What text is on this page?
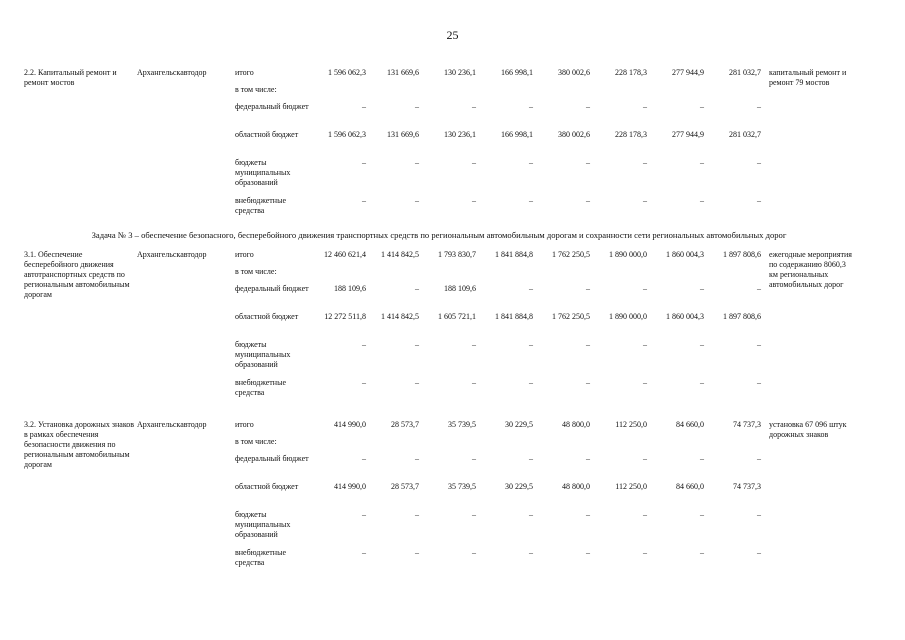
25
2.2. Капитальный ремонт и ремонт мостов	Архангельскавтодор	итого	1 596 062,3	131 669,6	130 236,1	166 998,1	380 002,6	228 178,3	277 944,9	281 032,7	капитальный ремонт и ремонт 79 мостов
		в том числе:									
		федеральный бюджет	–	–	–	–	–	–	–	–	
		областной бюджет	1 596 062,3	131 669,6	130 236,1	166 998,1	380 002,6	228 178,3	277 944,9	281 032,7	
		бюджеты муниципальных образований	–	–	–	–	–	–	–	–	
		внебюджетные средства	–	–	–	–	–	–	–	–	
Задача № 3 – обеспечение безопасного, бесперебойного движения транспортных средств по региональным автомобильным дорогам и сохранности сети региональных автомобильных дорог											
3.1. Обеспечение бесперебойного движения автотранспортных средств по региональным автомобильным дорогам	Архангельскавтодор	итого	12 460 621,4	1 414 842,5	1 793 830,7	1 841 884,8	1 762 250,5	1 890 000,0	1 860 004,3	1 897 808,6	ежегодные мероприятия по содержанию 8060,3 км региональных автомобильных дорог
		в том числе:									
		федеральный бюджет	188 109,6	–	188 109,6	–	–	–	–	–	
		областной бюджет	12 272 511,8	1 414 842,5	1 605 721,1	1 841 884,8	1 762 250,5	1 890 000,0	1 860 004,3	1 897 808,6	
		бюджеты муниципальных образований	–	–	–	–	–	–	–	–	
		внебюджетные средства	–	–	–	–	–	–	–	–	

3.2. Установка дорожных знаков в рамках обеспечения безопасности движения по региональным автомобильным дорогам	Архангельскавтодор	итого	414 990,0	28 573,7	35 739,5	30 229,5	48 800,0	112 250,0	84 660,0	74 737,3	установка 67 096 штук дорожных знаков
		в том числе:									
		федеральный бюджет	–	–	–	–	–	–	–	–	
		областной бюджет	414 990,0	28 573,7	35 739,5	30 229,5	48 800,0	112 250,0	84 660,0	74 737,3	
		бюджеты муниципальных образований	–	–	–	–	–	–	–	–	
		внебюджетные средства	–	–	–	–	–	–	–	–	
